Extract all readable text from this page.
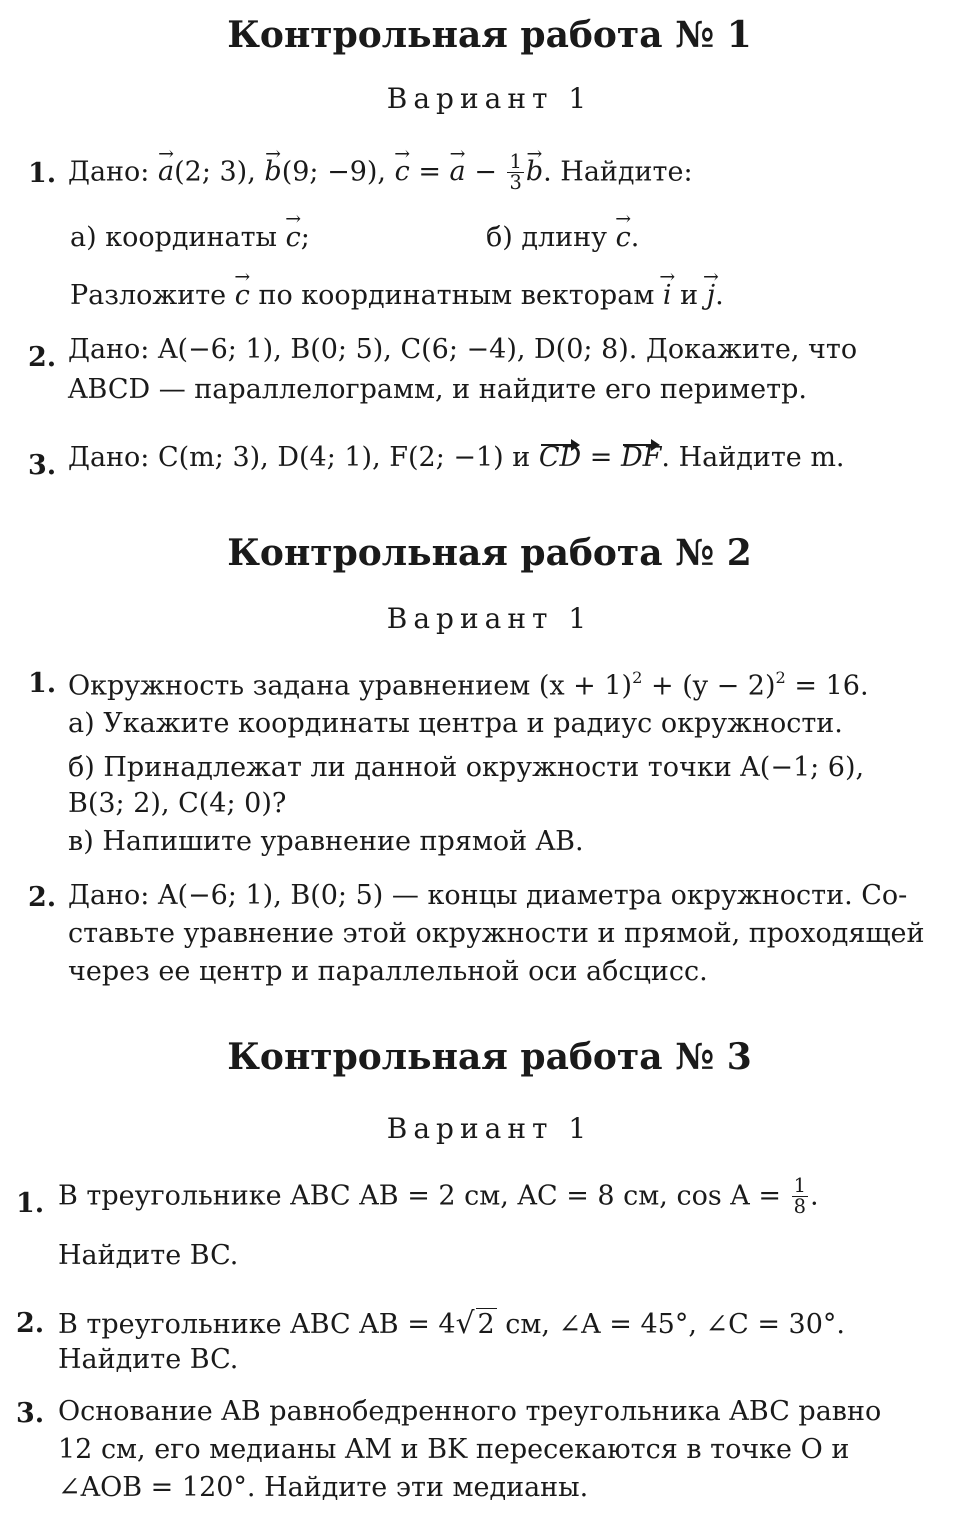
Контрольная работа № 1
Вариант 1
1. Дано: → a(2; 3), → b(9; −9), → c = → $a - \frac{1}{3}$
→ b. Найдите:
а) координаты → c;	б) длину → c.
Разложите → c по координатным векторам → i и → j.
2. Дано: A(−6; 1), B(0; 5), C(6; −4), D(0; 8). Докажите, что
ABCD — параллелограмм, и найдите его периметр.
3. Дано: C(m; 3), D(4; 1), F(2; −1) и CD = DF. Найдите m.
Контрольная работа № 2
Вариант 1
1. Окружность задана уравнением $(x + 1)^2 + (y - 2)^2 = 16$.
а) Укажите координаты центра и радиус окружности.
б) Принадлежат ли данной окружности точки A(−1; 6),
B(3; 2), C(4; 0)?
в) Напишите уравнение прямой AB.
2. Дано: A(−6; 1), B(0; 5) — концы диаметра окружности. Со-
ставьте уравнение этой окружности и прямой, проходящей
через ее центр и параллельной оси абсцисс.
Контрольная работа № 3
Вариант 1
1. В треугольнике ABC AB = 2 см, AC = 8 см, $\cos A = \frac{1}{8}$ .
Найдите BC.
2. В треугольнике ABC AB = 4√ 2 см, ∠A = 45°, ∠C = 30°.
Найдите BC.
3. Основание AB равнобедренного треугольника ABC равно
12 см, его медианы AM и BK пересекаются в точке O и
∠AOB = 120°. Найдите эти медианы.
